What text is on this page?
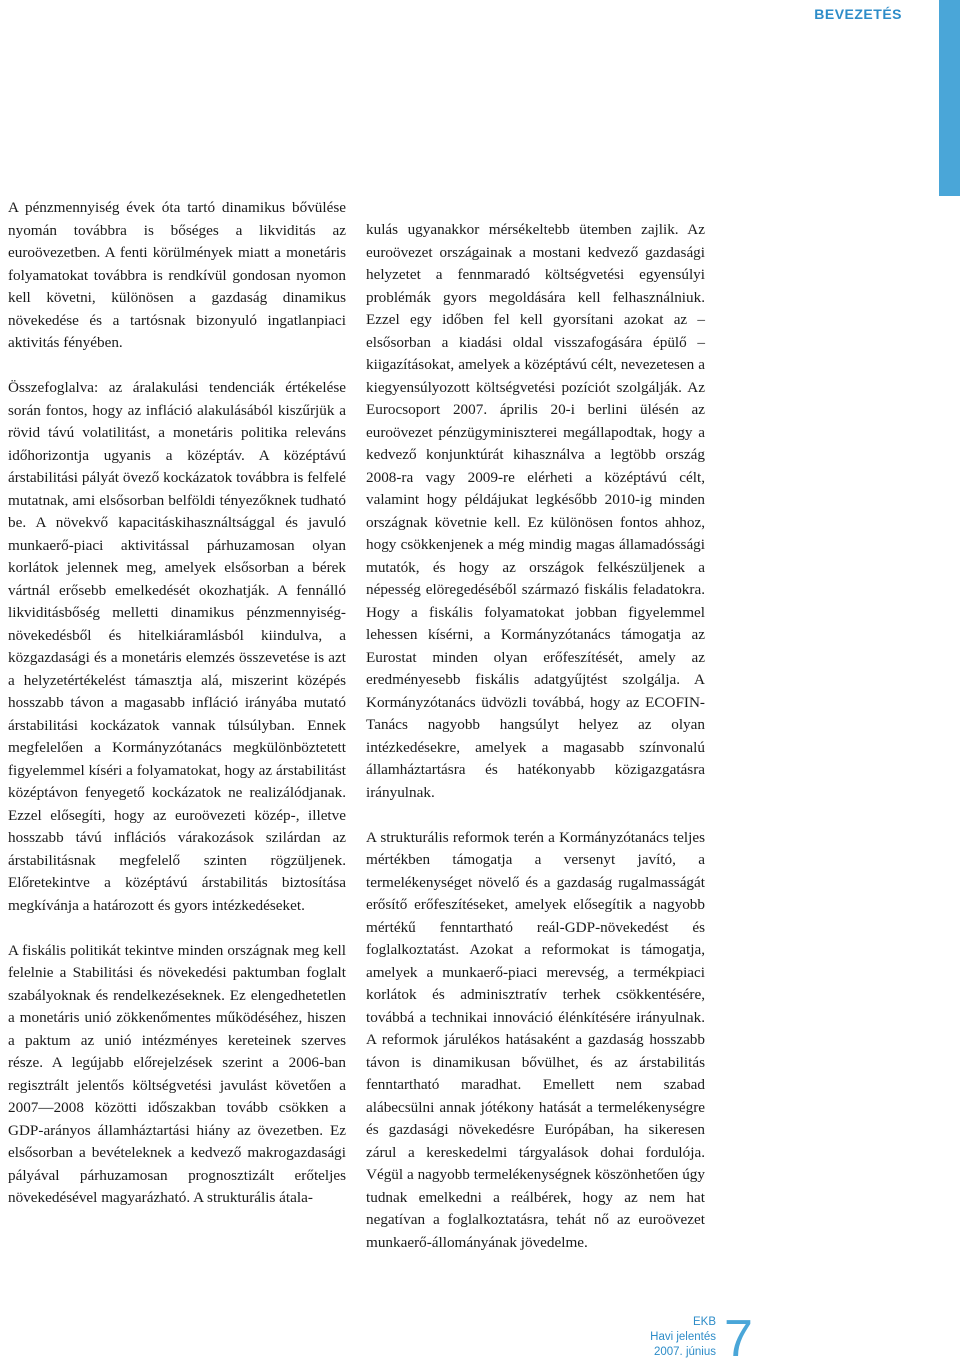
BEVEZETÉS

A pénzmennyiség évek óta tartó dinamikus bővülése nyomán továbbra is bőséges a likviditás az euroövezetben. A fenti körülmények miatt a monetáris folyamatokat továbbra is rendkívül gondosan nyomon kell követni, különösen a gazdaság dinamikus növekedése és a tartósnak bizonyuló ingatlanpiaci aktivitás fényében.

Összefoglalva: az áralakulási tendenciák értékelése során fontos, hogy az infláció alakulásából kiszűrjük a rövid távú volatilitást, a monetáris politika releváns időhorizontja ugyanis a középtáv. A középtávú árstabilitási pályát övező kockázatok továbbra is felfelé mutatnak, ami elsősorban belföldi tényezőknek tudható be. A növekvő kapacitáskihasználtsággal és javuló munkaerő-piaci aktivitással párhuzamosan olyan korlátok jelennek meg, amelyek elsősorban a bérek vártnál erősebb emelkedését okozhatják. A fennálló likviditásbőség melletti dinamikus pénzmennyiség-növekedésből és hitelkiáramlásból kiindulva, a közgazdasági és a monetáris elemzés összevetése is azt a helyzetértékelést támasztja alá, miszerint középés hosszabb távon a magasabb infláció irányába mutató árstabilitási kockázatok vannak túlsúlyban. Ennek megfelelően a Kormányzótanács megkülönböztetett figyelemmel kíséri a folyamatokat, hogy az árstabilitást középtávon fenyegető kockázatok ne realizálódjanak. Ezzel elősegíti, hogy az euroövezeti közép-, illetve hosszabb távú inflációs várakozások szilárdan az árstabilitásnak megfelelő szinten rögzüljenek. Előretekintve a középtávú árstabilitás biztosítása megkívánja a határozott és gyors intézkedéseket.

A fiskális politikát tekintve minden országnak meg kell felelnie a Stabilitási és növekedési paktumban foglalt szabályoknak és rendelkezéseknek. Ez elengedhetetlen a monetáris unió zökkenőmentes működéséhez, hiszen a paktum az unió intézményes kereteinek szerves része. A legújabb előrejelzések szerint a 2006-ban regisztrált jelentős költségvetési javulást követően a 2007—2008 közötti időszakban tovább csökken a GDP-arányos államháztartási hiány az övezetben. Ez elsősorban a bevételeknek a kedvező makrogazdasági pályával párhuzamosan prognosztizált erőteljes növekedésével magyarázható. A strukturális átala-

kulás ugyanakkor mérsékeltebb ütemben zajlik. Az euroövezet országainak a mostani kedvező gazdasági helyzetet a fennmaradó költségvetési egyensúlyi problémák gyors megoldására kell felhasználniuk. Ezzel egy időben fel kell gyorsítani azokat az – elsősorban a kiadási oldal visszafogására épülő – kiigazításokat, amelyek a középtávú célt, nevezetesen a kiegyensúlyozott költségvetési pozíciót szolgálják. Az Eurocsoport 2007. április 20-i berlini ülésén az euroövezet pénzügyminiszterei megállapodtak, hogy a kedvező konjunktúrát kihasználva a legtöbb ország 2008-ra vagy 2009-re elérheti a középtávú célt, valamint hogy példájukat legkésőbb 2010-ig minden országnak követnie kell. Ez különösen fontos ahhoz, hogy csökkenjenek a még mindig magas államadóssági mutatók, és hogy az országok felkészüljenek a népesség elöregedéséből származó fiskális feladatokra. Hogy a fiskális folyamatokat jobban figyelemmel lehessen kísérni, a Kormányzótanács támogatja az Eurostat minden olyan erőfeszítését, amely az eredményesebb fiskális adatgyűjtést szolgálja. A Kormányzótanács üdvözli továbbá, hogy az ECOFIN-Tanács nagyobb hangsúlyt helyez az olyan intézkedésekre, amelyek a magasabb színvonalú államháztartásra és hatékonyabb közigazgatásra irányulnak.

A strukturális reformok terén a Kormányzótanács teljes mértékben támogatja a versenyt javító, a termelékenységet növelő és a gazdaság rugalmasságát erősítő erőfeszítéseket, amelyek elősegítik a nagyobb mértékű fenntartható reál-GDP-növekedést és foglalkoztatást. Azokat a reformokat is támogatja, amelyek a munkaerő-piaci merevség, a termékpiaci korlátok és adminisztratív terhek csökkentésére, továbbá a technikai innováció élénkítésére irányulnak. A reformok járulékos hatásaként a gazdaság hosszabb távon is dinamikusan bővülhet, és az árstabilitás fenntartható maradhat. Emellett nem szabad alábecsülni annak jótékony hatását a termelékenységre és gazdasági növekedésre Európában, ha sikeresen zárul a kereskedelmi tárgyalások dohai fordulója. Végül a nagyobb termelékenységnek köszönhetően úgy tudnak emelkedni a reálbérek, hogy az nem hat negatívan a foglalkoztatásra, tehát nő az euroövezet munkaerő-állományának jövedelme.

EKB
Havi jelentés
2007. június 7
